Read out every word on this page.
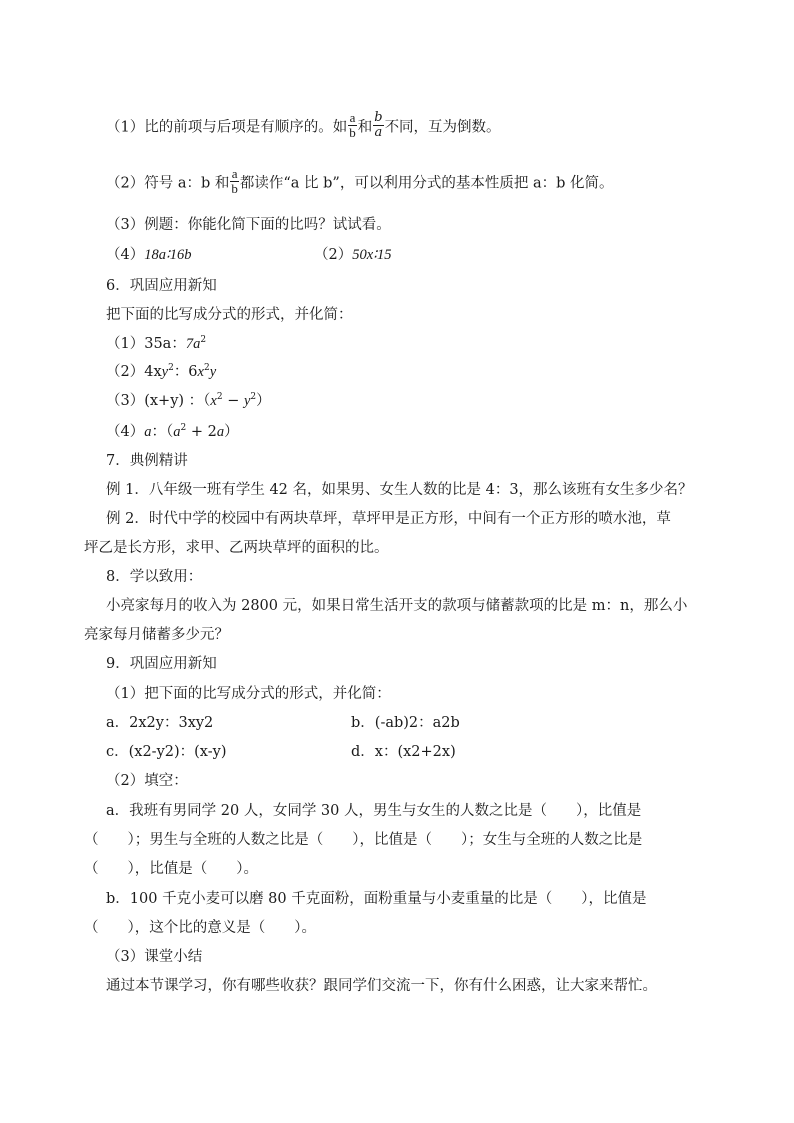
（1）比的前项与后项是有顺序的。如 $\frac{a}{b}$ 和 $\frac{b}{a}$ 不同，互为倒数。
（2）符号 a：b 和 $\frac{a}{b}$ 都读作“a 比 b”，可以利用分式的基本性质把 a：b 化简。
（3）例题：你能化简下面的比吗？试试看。
（4）18a∶16b	（2）50x∶15
6．巩固应用新知
把下面的比写成分式的形式，并化简：
（1）35a：$7a^2$
$(2)4xy^2$：$6x^2y$
（3）(x+y) ：$(x^2 - y^2)$
（4）a：$(a^2 + 2a)$
7．典例精讲
例 1．八年级一班有学生 42 名，如果男、女生人数的比是 4：3，那么该班有女生多少名？
例 2．时代中学的校园中有两块草坪，草坪甲是正方形，中间有一个正方形的喷水池，草
坪乙是长方形，求甲、乙两块草坪的面积的比。
8．学以致用：
小亮家每月的收入为 2800 元，如果日常生活开支的款项与储蓄款项的比是 m：n，那么小
亮家每月储蓄多少元？
9．巩固应用新知
（1）把下面的比写成分式的形式，并化简：
a．2x2y：3xy2	b．(-ab)2：a2b
c．(x2-y2)：(x-y)	d．x：(x2+2x)
（2）填空：
a．我班有男同学 20 人，女同学 30 人，男生与女生的人数之比是（　　），比值是
（　　）；男生与全班的人数之比是（　　），比值是（　　）；女生与全班的人数之比是
（　　），比值是（　　）。
b．100 千克小麦可以磨 80 千克面粉，面粉重量与小麦重量的比是（　　），比值是
（　　），这个比的意义是（　　）。
（3）课堂小结
通过本节课学习，你有哪些收获？跟同学们交流一下，你有什么困惑，让大家来帮忙。
